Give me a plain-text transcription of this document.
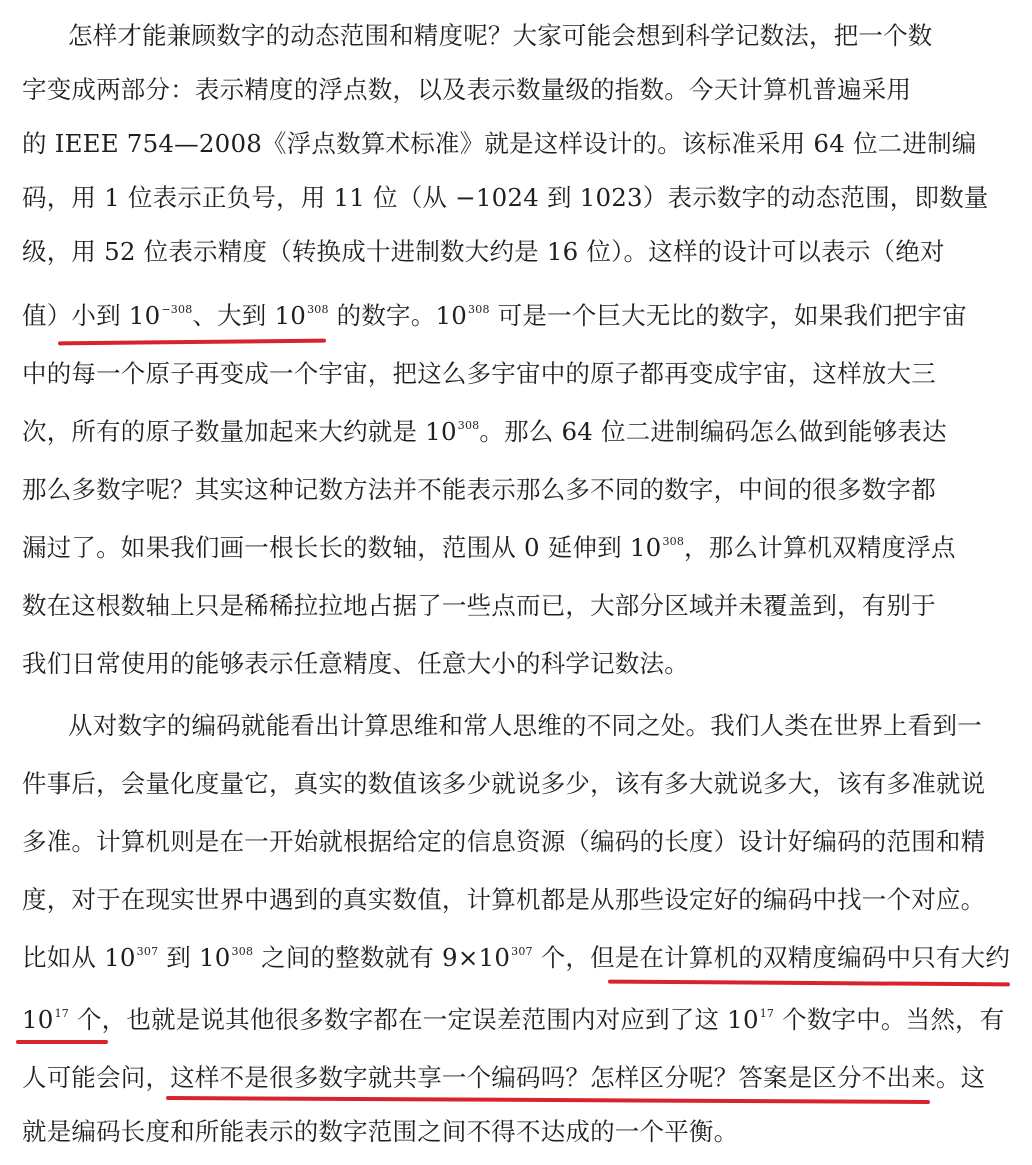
怎样才能兼顾数字的动态范围和精度呢？大家可能会想到科学记数法，把一个数
字变成两部分：表示精度的浮点数，以及表示数量级的指数。今天计算机普遍采用
的 IEEE 754—2008《浮点数算术标准》就是这样设计的。该标准采用 64 位二进制编
码，用 1 位表示正负号，用 11 位（从 −1024 到 1023）表示数字的动态范围，即数量
级，用 52 位表示精度（转换成十进制数大约是 16 位）。这样的设计可以表示（绝对
值）小到 $10^{-308}$、大到 $10^{308}$ 的数字。$10^{308}$ 可是一个巨大无比的数字，如果我们把宇宙
中的每一个原子再变成一个宇宙，把这么多宇宙中的原子都再变成宇宙，这样放大三
次，所有的原子数量加起来大约就是 $10^{308}$。那么 64 位二进制编码怎么做到能够表达
那么多数字呢？其实这种记数方法并不能表示那么多不同的数字，中间的很多数字都
漏过了。如果我们画一根长长的数轴，范围从 0 延伸到 $10^{308}$，那么计算机双精度浮点
数在这根数轴上只是稀稀拉拉地占据了一些点而已，大部分区域并未覆盖到，有别于
我们日常使用的能够表示任意精度、任意大小的科学记数法。
从对数字的编码就能看出计算思维和常人思维的不同之处。我们人类在世界上看到一
件事后，会量化度量它，真实的数值该多少就说多少，该有多大就说多大，该有多准就说
多准。计算机则是在一开始就根据给定的信息资源（编码的长度）设计好编码的范围和精
度，对于在现实世界中遇到的真实数值，计算机都是从那些设定好的编码中找一个对应。
比如从 $10^{307}$ 到 $10^{308}$ 之间的整数就有 $9\times 10^{307}$ 个，但是在计算机的双精度编码中只有大约
$10^{17}$ 个，也就是说其他很多数字都在一定误差范围内对应到了这 $10^{17}$ 个数字中。当然，有
人可能会问，这样不是很多数字就共享一个编码吗？怎样区分呢？答案是区分不出来。这
就是编码长度和所能表示的数字范围之间不得不达成的一个平衡。
